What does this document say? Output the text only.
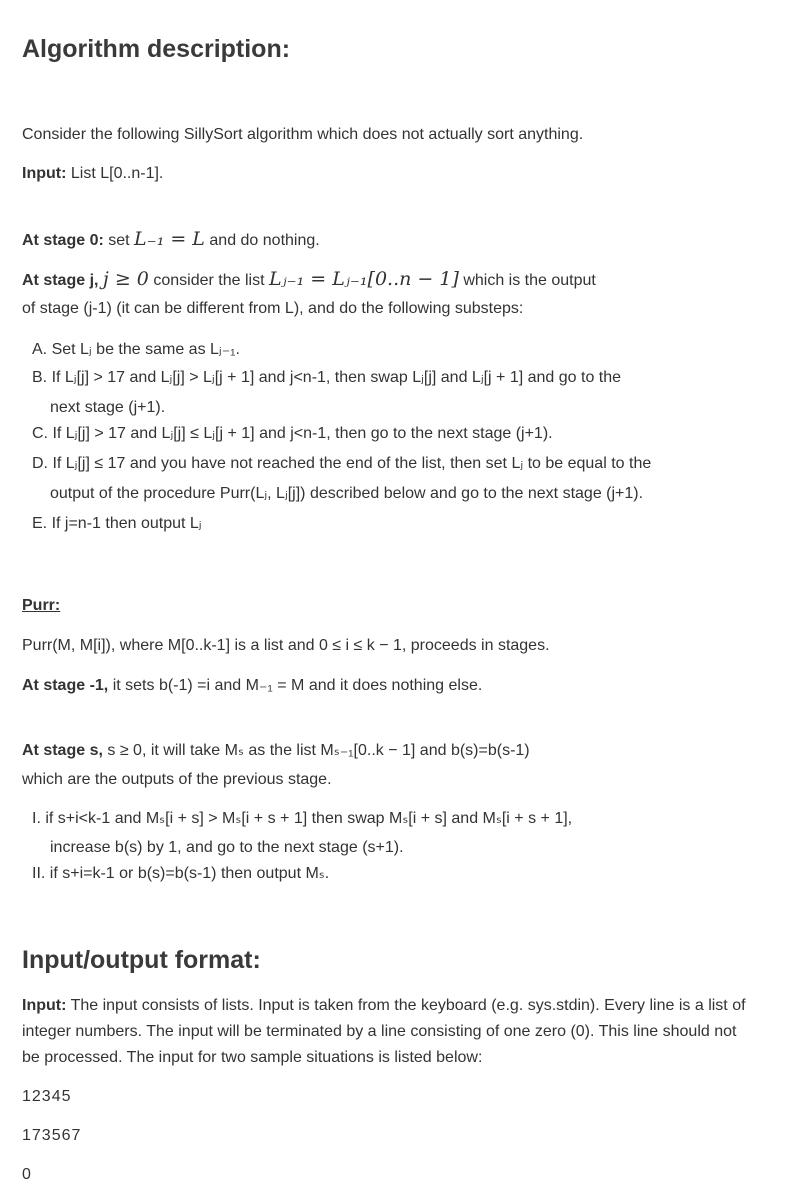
Algorithm description:
Consider the following SillySort algorithm which does not actually sort anything.
Input: List L[0..n-1].
At stage 0: set L₋₁ = L and do nothing.
At stage j, j ≥ 0 consider the list Lⱼ₋₁ = Lⱼ₋₁[0..n − 1] which is the output
of stage (j-1) (it can be different from L), and do the following substeps:
A. Set Lⱼ be the same as Lⱼ₋₁.
B. If Lⱼ[j] > 17 and Lⱼ[j] > Lⱼ[j + 1] and j<n-1, then swap Lⱼ[j] and Lⱼ[j + 1] and go to the
next stage (j+1).
C. If Lⱼ[j] > 17 and Lⱼ[j] ≤ Lⱼ[j + 1] and j<n-1, then go to the next stage (j+1).
D. If Lⱼ[j] ≤ 17 and you have not reached the end of the list, then set Lⱼ to be equal to the
output of the procedure Purr(Lⱼ, Lⱼ[j]) described below and go to the next stage (j+1).
E. If j=n-1 then output Lⱼ
Purr:
Purr(M, M[i]), where M[0..k-1] is a list and 0 ≤ i ≤ k − 1, proceeds in stages.
At stage -1, it sets b(-1) =i and M₋₁ = M and it does nothing else.
At stage s, s ≥ 0, it will take Mₛ as the list Mₛ₋₁[0..k − 1] and b(s)=b(s-1)
which are the outputs of the previous stage.
I. if s+i<k-1 and Mₛ[i + s] > Mₛ[i + s + 1] then swap Mₛ[i + s] and Mₛ[i + s + 1],
increase b(s) by 1, and go to the next stage (s+1).
II. if s+i=k-1 or b(s)=b(s-1) then output Mₛ.
Input/output format:
Input: The input consists of lists. Input is taken from the keyboard (e.g. sys.stdin). Every line is a list of
integer numbers. The input will be terminated by a line consisting of one zero (0). This line should not
be processed. The input for two sample situations is listed below:
12345
173567
0
